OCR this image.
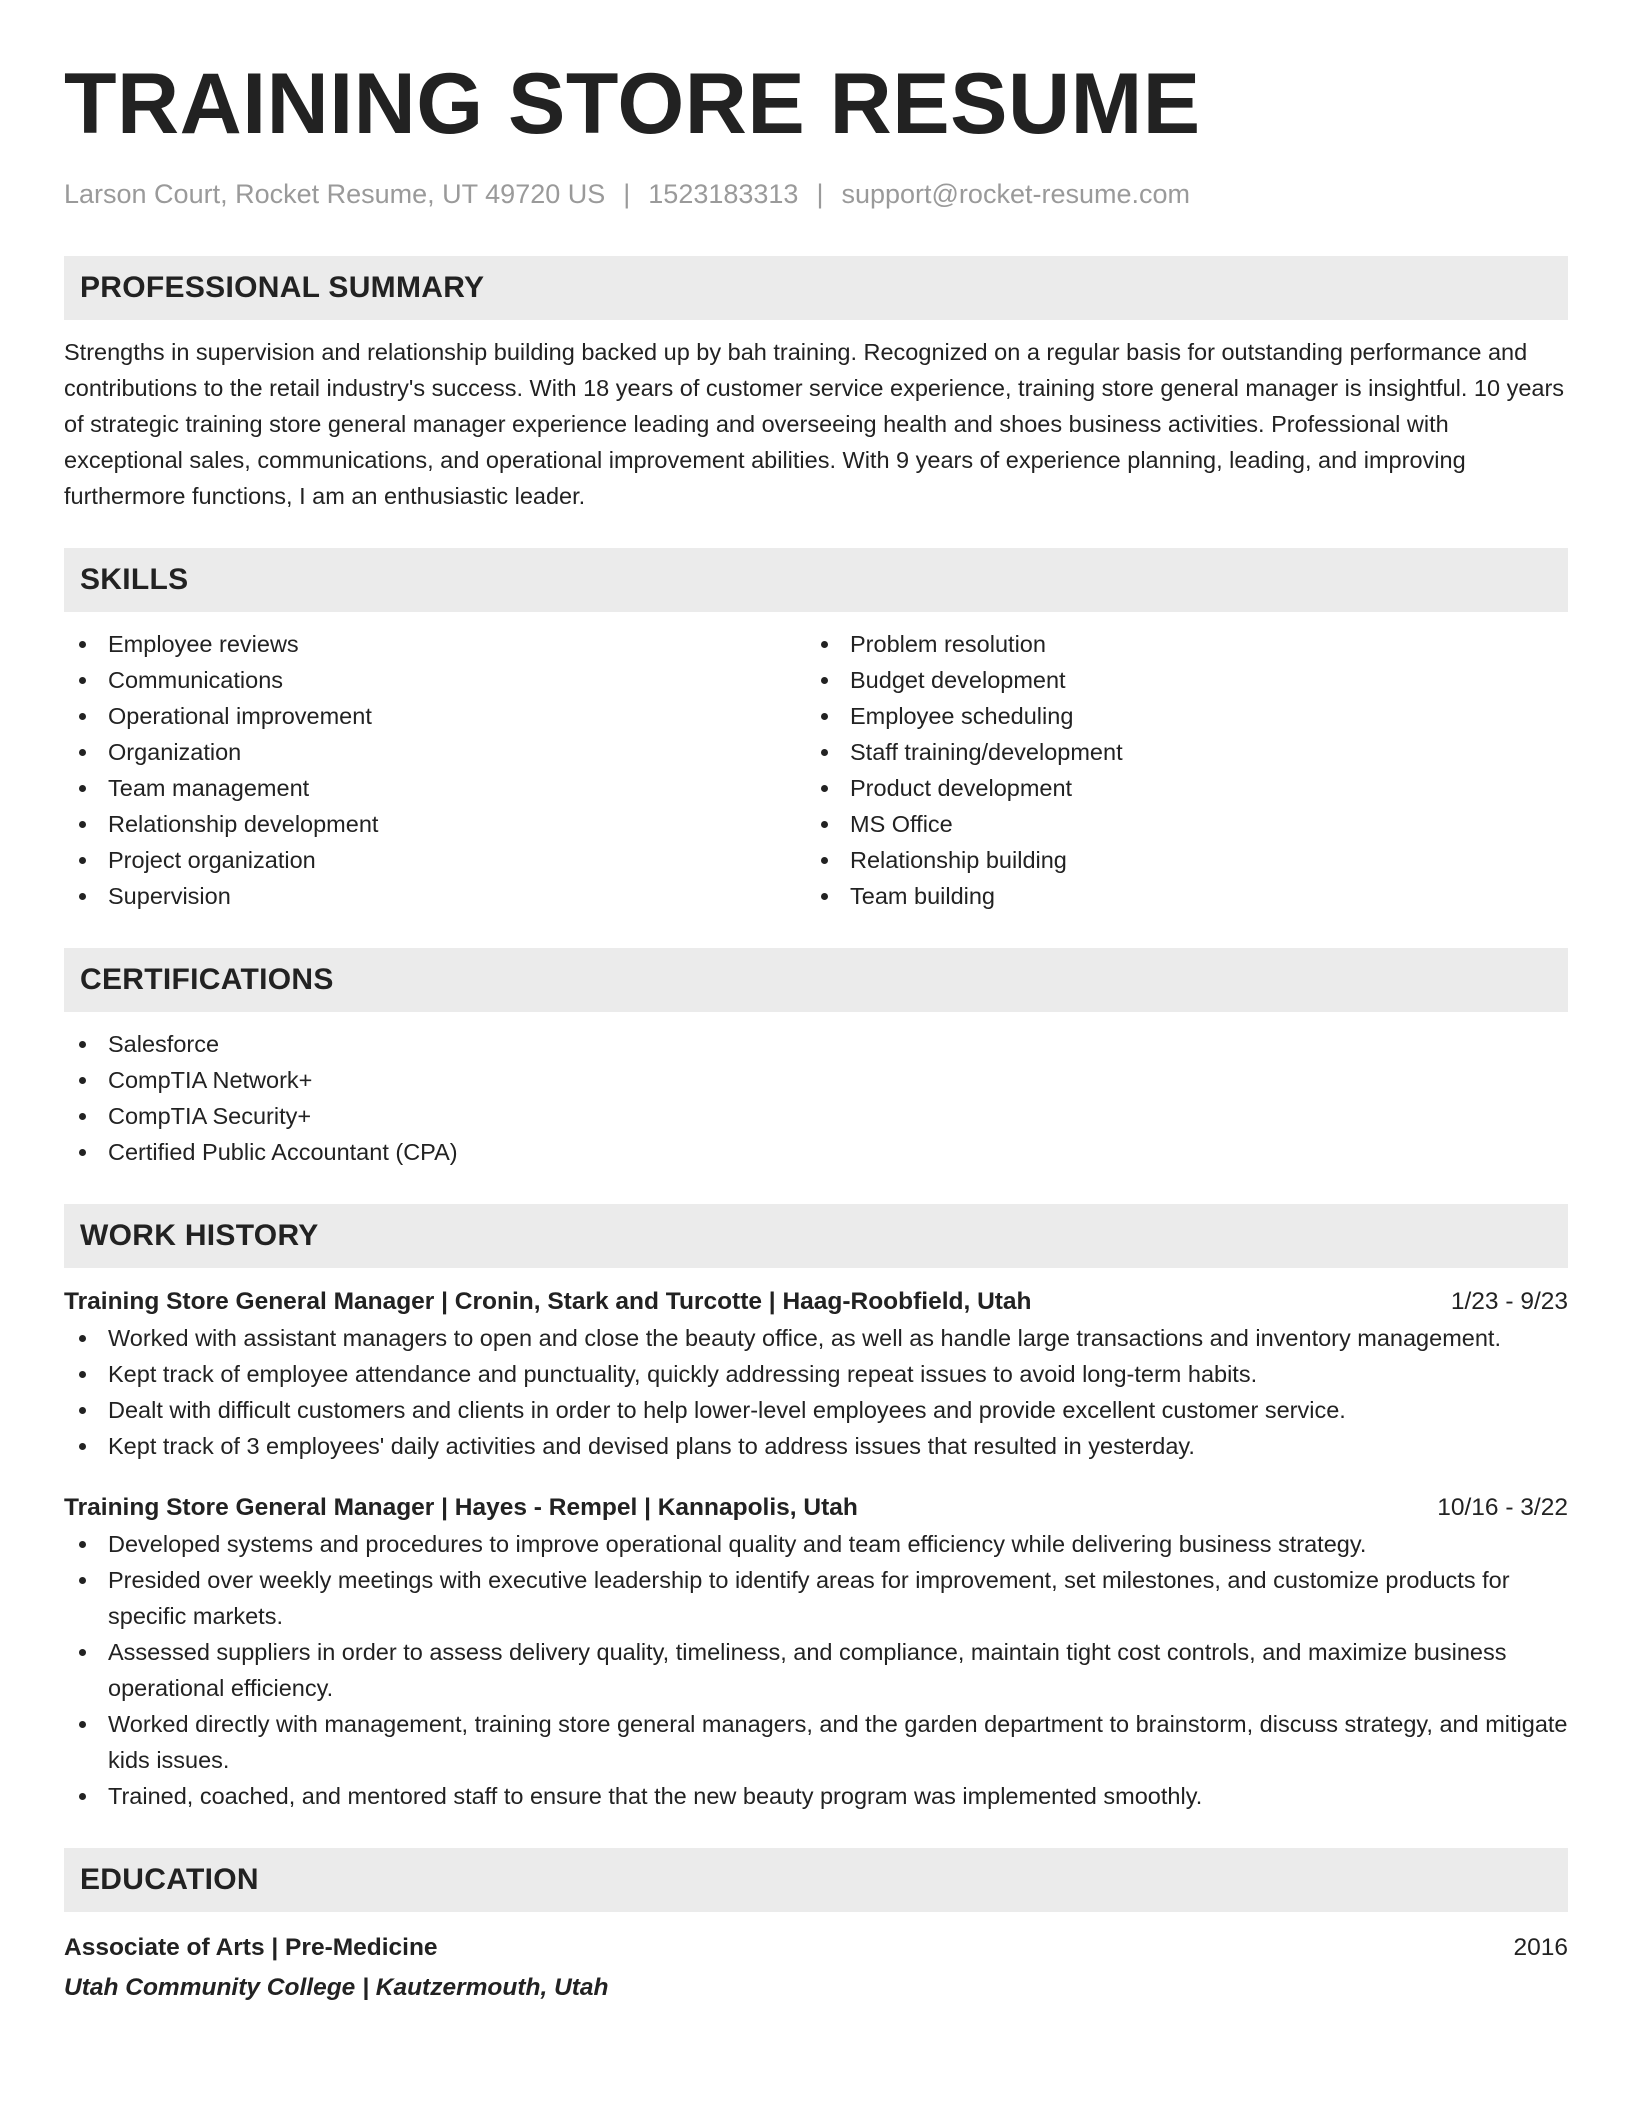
TRAINING STORE RESUME
Larson Court, Rocket Resume, UT 49720 US | 1523183313 | support@rocket-resume.com
PROFESSIONAL SUMMARY

Strengths in supervision and relationship building backed up by bah training. Recognized on a regular basis for outstanding performance and contributions to the retail industry's success. With 18 years of customer service experience, training store general manager is insightful. 10 years of strategic training store general manager experience leading and overseeing health and shoes business activities. Professional with exceptional sales, communications, and operational improvement abilities. With 9 years of experience planning, leading, and improving furthermore functions, I am an enthusiastic leader.

SKILLS
Employee reviews
Communications
Operational improvement
Organization
Team management
Relationship development
Project organization
Supervision
Problem resolution
Budget development
Employee scheduling
Staff training/development
Product development
MS Office
Relationship building
Team building
CERTIFICATIONS
Salesforce
CompTIA Network+
CompTIA Security+
Certified Public Accountant (CPA)
WORK HISTORY
Training Store General Manager | Cronin, Stark and Turcotte | Haag-Roobfield, Utah	1/23 - 9/23
Worked with assistant managers to open and close the beauty office, as well as handle large transactions and inventory management.
Kept track of employee attendance and punctuality, quickly addressing repeat issues to avoid long-term habits.
Dealt with difficult customers and clients in order to help lower-level employees and provide excellent customer service.
Kept track of 3 employees' daily activities and devised plans to address issues that resulted in yesterday.
Training Store General Manager | Hayes - Rempel | Kannapolis, Utah	10/16 - 3/22
Developed systems and procedures to improve operational quality and team efficiency while delivering business strategy.
Presided over weekly meetings with executive leadership to identify areas for improvement, set milestones, and customize products for specific markets.
Assessed suppliers in order to assess delivery quality, timeliness, and compliance, maintain tight cost controls, and maximize business operational efficiency.
Worked directly with management, training store general managers, and the garden department to brainstorm, discuss strategy, and mitigate kids issues.
Trained, coached, and mentored staff to ensure that the new beauty program was implemented smoothly.
EDUCATION
Associate of Arts | Pre-Medicine	2016
Utah Community College | Kautzermouth, Utah
